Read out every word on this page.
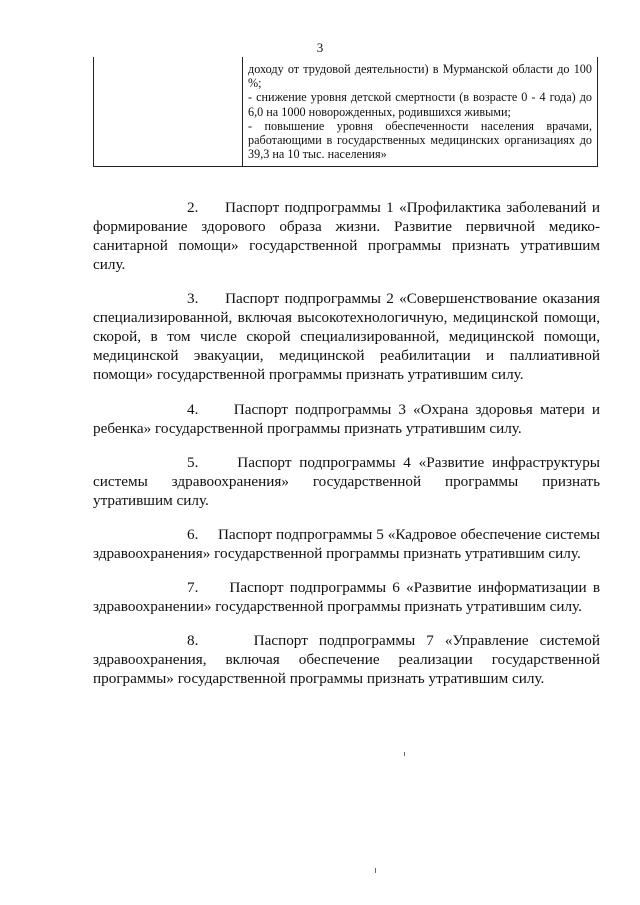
3
доходу от трудовой деятельности) в Мурманской области до 100 %;
- снижение уровня детской смертности (в возрасте 0 - 4 года) до 6,0 на 1000 новорожденных, родившихся живыми;
- повышение уровня обеспеченности населения врачами, работающими в государственных медицинских организациях до 39,3 на 10 тыс. населения»

2. Паспорт подпрограммы 1 «Профилактика заболеваний и формирование здорового образа жизни. Развитие первичной медико-санитарной помощи» государственной программы признать утратившим силу.

3. Паспорт подпрограммы 2 «Совершенствование оказания специализированной, включая высокотехнологичную, медицинской помощи, скорой, в том числе скорой специализированной, медицинской помощи, медицинской эвакуации, медицинской реабилитации и паллиативной помощи» государственной программы признать утратившим силу.

4. Паспорт подпрограммы 3 «Охрана здоровья матери и ребенка» государственной программы признать утратившим силу.

5.	Паспорт подпрограммы 4 «Развитие инфраструктуры системы здравоохранения» государственной программы признать утратившим силу.

6. Паспорт подпрограммы 5 «Кадровое обеспечение системы здравоохранения» государственной программы признать утратившим силу.

7. Паспорт подпрограммы 6 «Развитие информатизации в здравоохранении» государственной программы признать утратившим силу.

8.	Паспорт подпрограммы 7 «Управление системой здравоохранения, включая обеспечение реализации государственной программы» государственной программы признать утратившим силу.
